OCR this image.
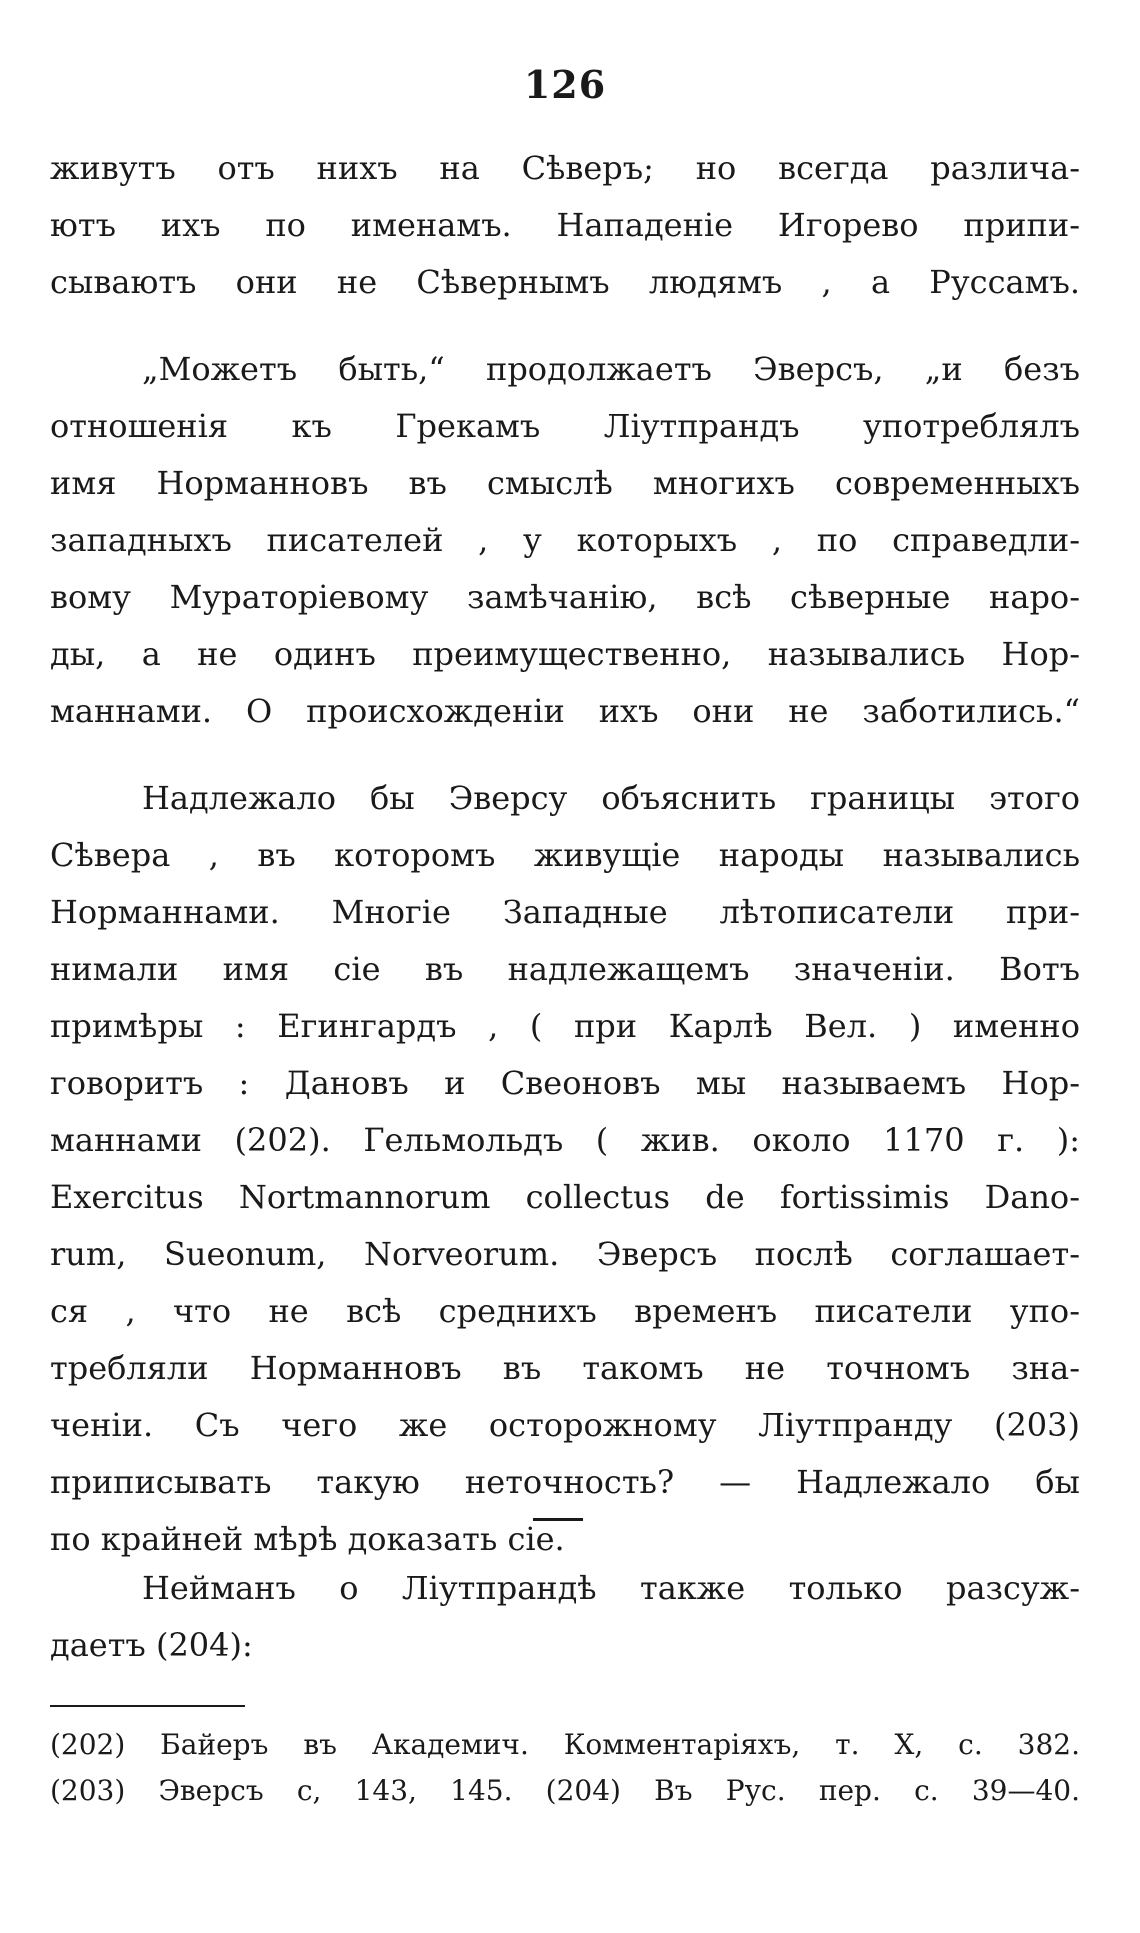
126
живутъ отъ нихъ на Сѣверъ; но всегда различа-
ютъ ихъ по именамъ. Нападеніе Игорево припи-
сываютъ они не Сѣвернымъ людямъ , а Руссамъ.
„Можетъ быть,“ продолжаетъ Эверсъ, „и безъ
отношенія къ Грекамъ Ліутпрандъ употреблялъ
имя Норманновъ въ смыслѣ многихъ современныхъ
западныхъ писателей , у которыхъ , по справедли-
вому Мураторіевому замѣчанію, всѣ сѣверные наро-
ды, а не одинъ преимущественно, назывались Нор-
маннами. О происхожденіи ихъ они не заботились.“
Надлежало бы Эверсу объяснить границы этого
Сѣвера , въ которомъ живущіе народы назывались
Норманнами. Многіе Западные лѣтописатели при-
нимали имя сіе въ надлежащемъ значеніи. Вотъ
примѣры : Егингардъ , ( при Карлѣ Вел. ) именно
говоритъ : Дановъ и Свеоновъ мы называемъ Нор-
маннами (202). Гельмольдъ ( жив. около 1170 г. ):
Exercitus Nortmannorum collectus de fortissimis Dano-
rum, Sueonum, Norveorum. Эверсъ послѣ соглашает-
ся , что не всѣ среднихъ временъ писатели упо-
требляли Норманновъ въ такомъ не точномъ зна-
ченіи. Съ чего же осторожному Ліутпранду (203)
приписывать такую неточность? — Надлежало бы
по крайней мѣрѣ доказать сіе.
Нейманъ о Ліутпрандѣ также только разсуж-
даетъ (204):
(202) Байеръ въ Академич. Комментаріяхъ, т. X, с. 382.
(203) Эверсъ с, 143, 145. (204) Въ Рус. пер. с. 39—40.
